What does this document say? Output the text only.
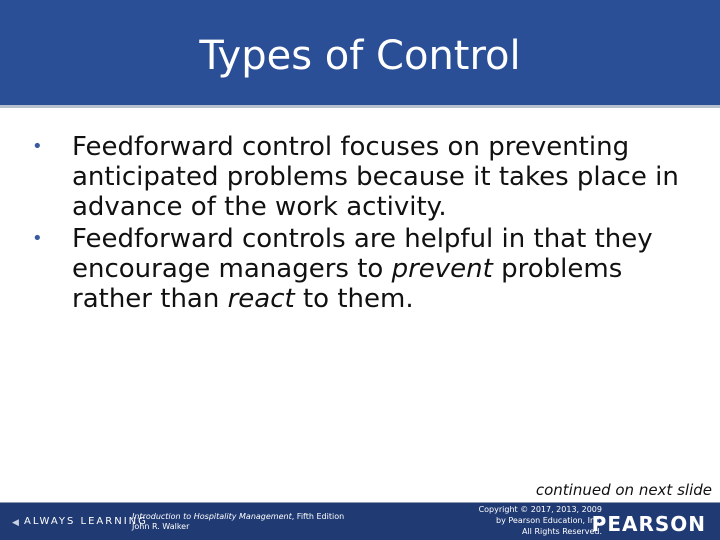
Types of Control
• Feedforward control focuses on preventing anticipated problems because it takes place in advance of the work activity.
• Feedforward controls are helpful in that they encourage managers to prevent problems rather than react to them.
continued on next slide
◀ ALWAYS LEARNING
Introduction to Hospitality Management, Fifth Edition
John R. Walker
Copyright © 2017, 2013, 2009
by Pearson Education, Inc.
All Rights Reserved.
PEARSON
